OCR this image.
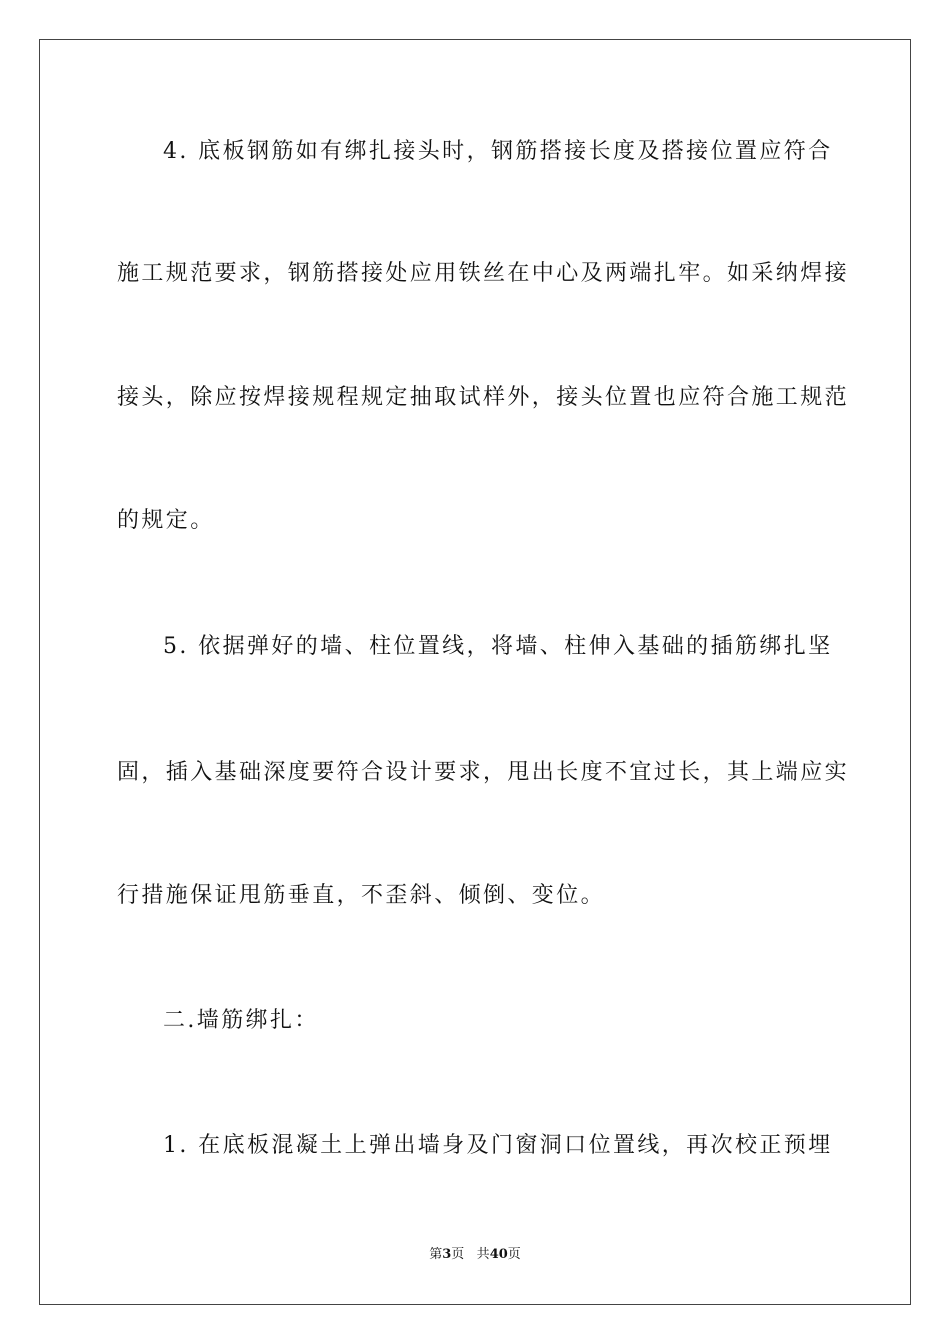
4. 底板钢筋如有绑扎接头时，钢筋搭接长度及搭接位置应符合
施工规范要求，钢筋搭接处应用铁丝在中心及两端扎牢。如采纳焊接
接头，除应按焊接规程规定抽取试样外，接头位置也应符合施工规范
的规定。
5. 依据弹好的墙、柱位置线，将墙、柱伸入基础的插筋绑扎坚
固，插入基础深度要符合设计要求，甩出长度不宜过长，其上端应实
行措施保证甩筋垂直，不歪斜、倾倒、变位。
二.墙筋绑扎：
1. 在底板混凝土上弹出墙身及门窗洞口位置线，再次校正预埋
第3页 共40页
